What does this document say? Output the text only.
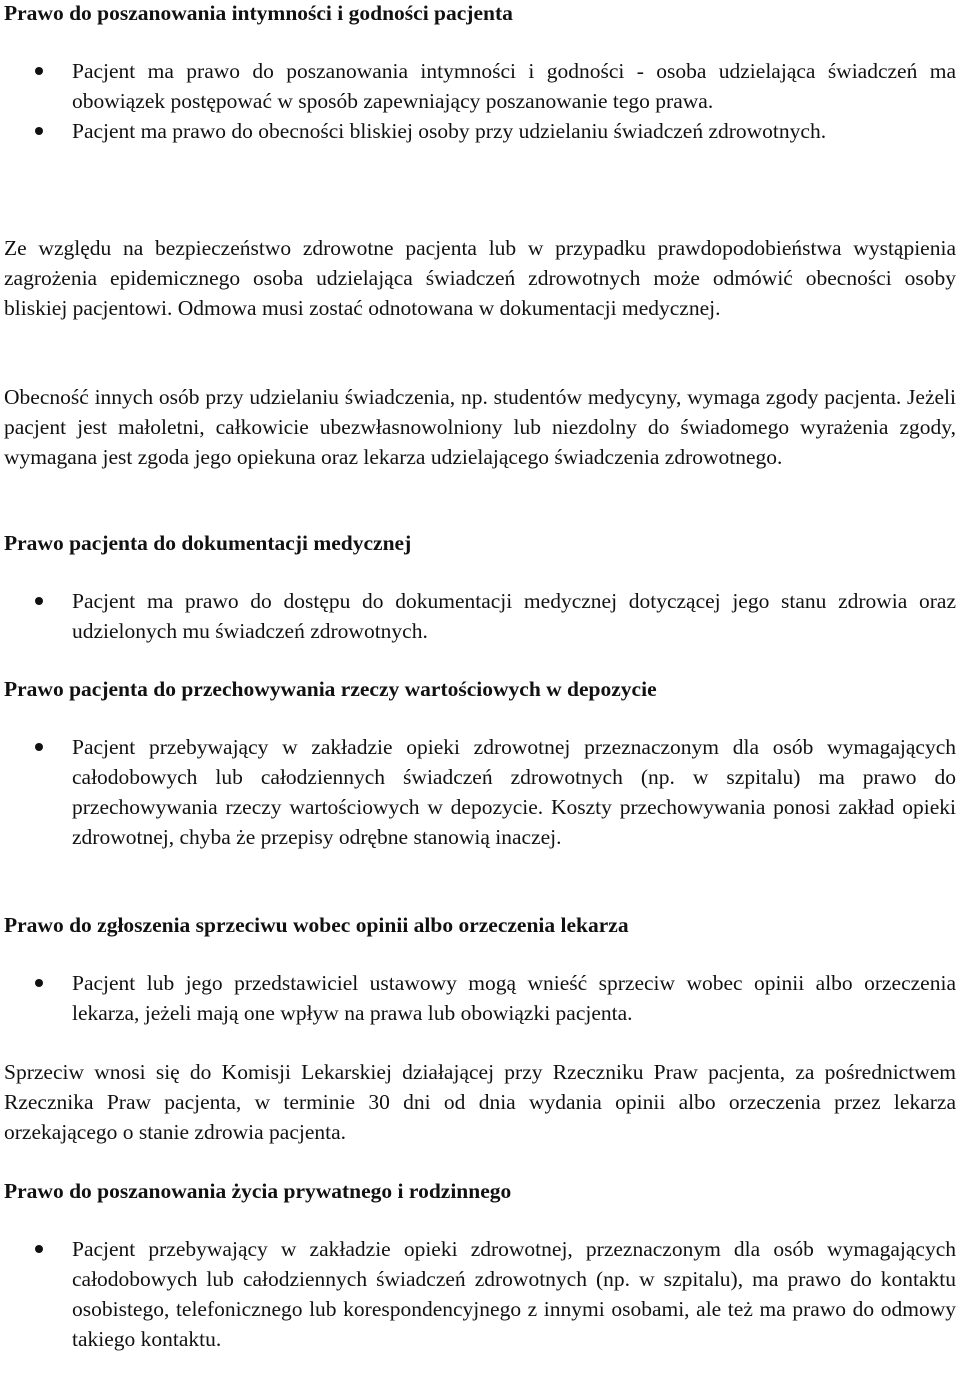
Prawo do poszanowania intymności i godności pacjenta
Pacjent ma prawo do poszanowania intymności i godności - osoba udzielająca świadczeń ma obowiązek postępować w sposób zapewniający poszanowanie tego prawa.
Pacjent ma prawo do obecności bliskiej osoby przy udzielaniu świadczeń zdrowotnych.

Ze względu na bezpieczeństwo zdrowotne pacjenta lub w przypadku prawdopodobieństwa wystąpienia zagrożenia epidemicznego osoba udzielająca świadczeń zdrowotnych może odmówić obecności osoby bliskiej pacjentowi. Odmowa musi zostać odnotowana w dokumentacji medycznej.

Obecność innych osób przy udzielaniu świadczenia, np. studentów medycyny, wymaga zgody pacjenta. Jeżeli pacjent jest małoletni, całkowicie ubezwłasnowolniony lub niezdolny do świadomego wyrażenia zgody, wymagana jest zgoda jego opiekuna oraz lekarza udzielającego świadczenia zdrowotnego.

Prawo pacjenta do dokumentacji medycznej
Pacjent ma prawo do dostępu do dokumentacji medycznej dotyczącej jego stanu zdrowia oraz udzielonych mu świadczeń zdrowotnych.
Prawo pacjenta do przechowywania rzeczy wartościowych w depozycie
Pacjent przebywający w zakładzie opieki zdrowotnej przeznaczonym dla osób wymagających całodobowych lub całodziennych świadczeń zdrowotnych (np. w szpitalu) ma prawo do przechowywania rzeczy wartościowych w depozycie. Koszty przechowywania ponosi zakład opieki zdrowotnej, chyba że przepisy odrębne stanowią inaczej.
Prawo do zgłoszenia sprzeciwu wobec opinii albo orzeczenia lekarza
Pacjent lub jego przedstawiciel ustawowy mogą wnieść sprzeciw wobec opinii albo orzeczenia lekarza, jeżeli mają one wpływ na prawa lub obowiązki pacjenta.

Sprzeciw wnosi się do Komisji Lekarskiej działającej przy Rzeczniku Praw pacjenta, za pośrednictwem Rzecznika Praw pacjenta, w terminie 30 dni od dnia wydania opinii albo orzeczenia przez lekarza orzekającego o stanie zdrowia pacjenta.

Prawo do poszanowania życia prywatnego i rodzinnego
Pacjent przebywający w zakładzie opieki zdrowotnej, przeznaczonym dla osób wymagających całodobowych lub całodziennych świadczeń zdrowotnych (np. w szpitalu), ma prawo do kontaktu osobistego, telefonicznego lub korespondencyjnego z innymi osobami, ale też ma prawo do odmowy takiego kontaktu.
